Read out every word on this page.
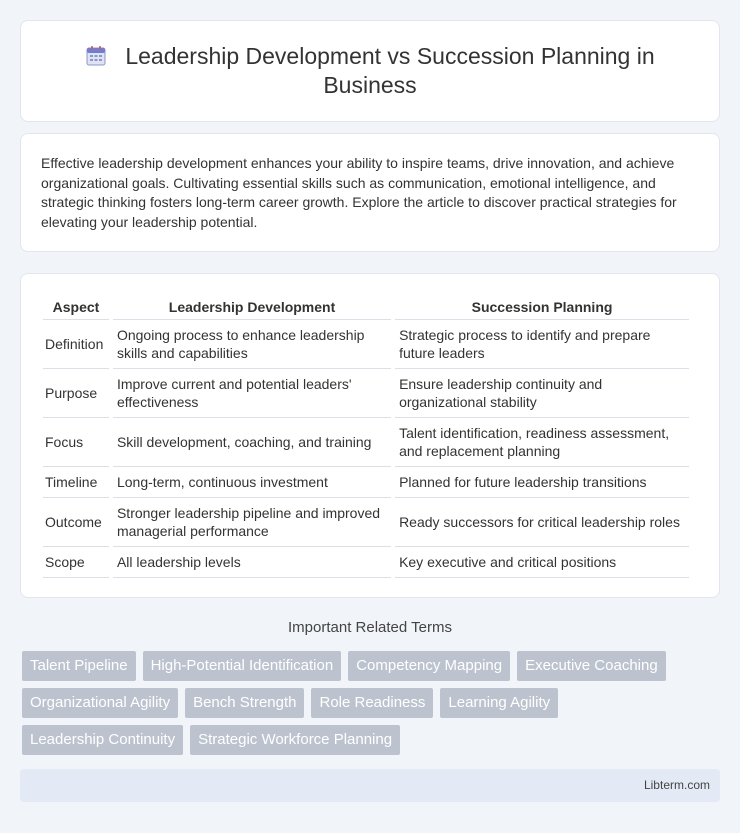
Leadership Development vs Succession Planning in Business

Effective leadership development enhances your ability to inspire teams, drive innovation, and achieve organizational goals. Cultivating essential skills such as communication, emotional intelligence, and strategic thinking fosters long-term career growth. Explore the article to discover practical strategies for elevating your leadership potential.

Aspect	Leadership Development	Succession Planning
Definition	Ongoing process to enhance leadership skills and capabilities	Strategic process to identify and prepare future leaders
Purpose	Improve current and potential leaders' effectiveness	Ensure leadership continuity and organizational stability
Focus	Skill development, coaching, and training	Talent identification, readiness assessment, and replacement planning
Timeline	Long-term, continuous investment	Planned for future leadership transitions
Outcome	Stronger leadership pipeline and improved managerial performance	Ready successors for critical leadership roles
Scope	All leadership levels	Key executive and critical positions
Important Related Terms
Talent Pipeline	High-Potential Identification	Competency Mapping	Executive Coaching
Organizational Agility	Bench Strength	Role Readiness	Learning Agility
Leadership Continuity	Strategic Workforce Planning
Libterm.com
